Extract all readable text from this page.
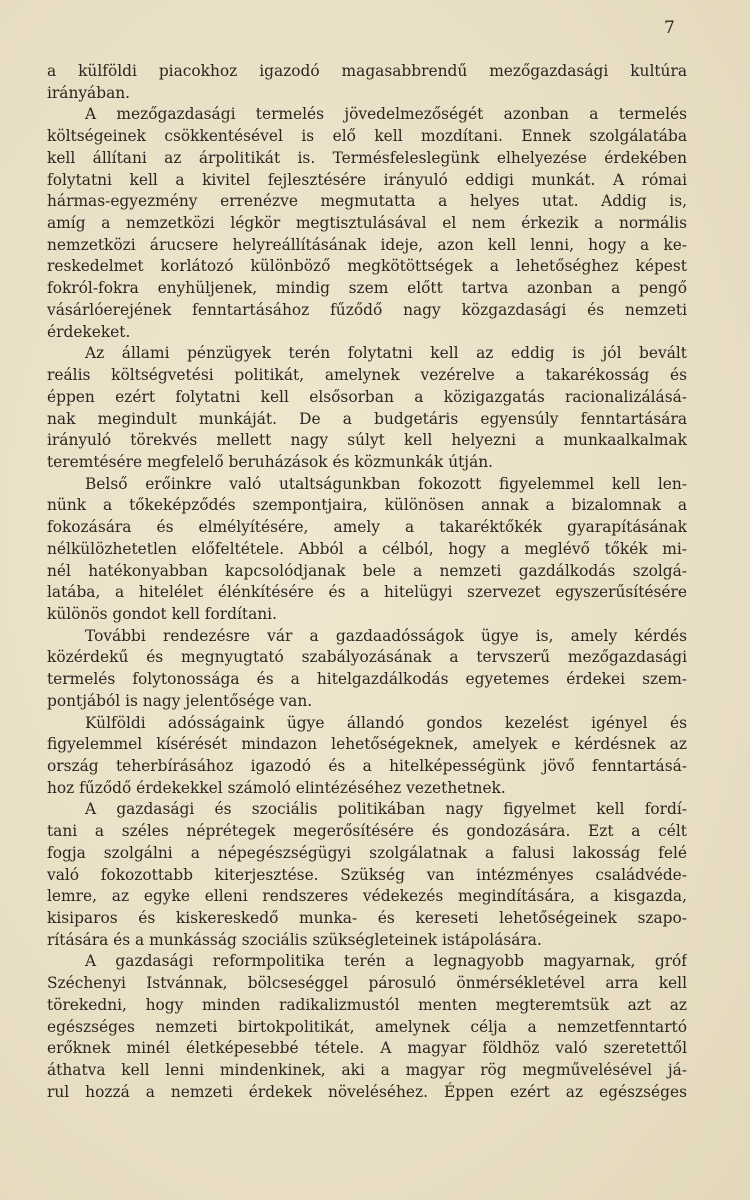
7
a külföldi piacokhoz igazodó magasabbrendű mezőgazdasági kultúra
irányában.
A mezőgazdasági termelés jövedelmezőségét azonban a termelés
költségeinek csökkentésével is elő kell mozdítani. Ennek szolgálatába
kell állítani az árpolitikát is. Termésfeleslegünk elhelyezése érdekében
folytatni kell a kivitel fejlesztésére irányuló eddigi munkát. A római
hármas-egyezmény errenézve megmutatta a helyes utat. Addig is,
amíg a nemzetközi légkör megtisztulásával el nem érkezik a normális
nemzetközi árucsere helyreállításának ideje, azon kell lenni, hogy a ke-
reskedelmet korlátozó különböző megkötöttségek a lehetőséghez képest
fokról-fokra enyhüljenek, mindig szem előtt tartva azonban a pengő
vásárlóerejének fenntartásához fűződő nagy közgazdasági és nemzeti
érdekeket.
Az állami pénzügyek terén folytatni kell az eddig is jól bevált
reális költségvetési politikát, amelynek vezérelve a takarékosság és
éppen ezért folytatni kell elsősorban a közigazgatás racionalizálásá-
nak megindult munkáját. De a budgetáris egyensúly fenntartására
irányuló törekvés mellett nagy súlyt kell helyezni a munkaalkalmak
teremtésére megfelelő beruházások és közmunkák útján.
Belső erőinkre való utaltságunkban fokozott figyelemmel kell len-
nünk a tőkeképződés szempontjaira, különösen annak a bizalomnak a
fokozására és elmélyítésére, amely a takaréktőkék gyarapításának
nélkülözhetetlen előfeltétele. Abból a célból, hogy a meglévő tőkék mi-
nél hatékonyabban kapcsolódjanak bele a nemzeti gazdálkodás szolgá-
latába, a hitelélet élénkítésére és a hitelügyi szervezet egyszerűsítésére
különös gondot kell fordítani.
További rendezésre vár a gazdaadósságok ügye is, amely kérdés
közérdekű és megnyugtató szabályozásának a tervszerű mezőgazdasági
termelés folytonossága és a hitelgazdálkodás egyetemes érdekei szem-
pontjából is nagy jelentősége van.
Külföldi adósságaink ügye állandó gondos kezelést igényel és
figyelemmel kísérését mindazon lehetőségeknek, amelyek e kérdésnek az
ország teherbírásához igazodó és a hitelképességünk jövő fenntartásá-
hoz fűződő érdekekkel számoló elintézéséhez vezethetnek.
A gazdasági és szociális politikában nagy figyelmet kell fordí-
tani a széles néprétegek megerősítésére és gondozására. Ezt a célt
fogja szolgálni a népegészségügyi szolgálatnak a falusi lakosság felé
való fokozottabb kiterjesztése. Szükség van intézményes családvéde-
lemre, az egyke elleni rendszeres védekezés megindítására, a kisgazda,
kisiparos és kiskereskedő munka- és kereseti lehetőségeinek szapo-
rítására és a munkásság szociális szükségleteinek istápolására.
A gazdasági reformpolitika terén a legnagyobb magyarnak, gróf
Széchenyi Istvánnak, bölcseséggel párosuló önmérsékletével arra kell
törekedni, hogy minden radikalizmustól menten megteremtsük azt az
egészséges nemzeti birtokpolitikát, amelynek célja a nemzetfenntartó
erőknek minél életképesebbé tétele. A magyar földhöz való szeretettől
áthatva kell lenni mindenkinek, aki a magyar rög megművelésével já-
rul hozzá a nemzeti érdekek növeléséhez. Éppen ezért az egészséges
